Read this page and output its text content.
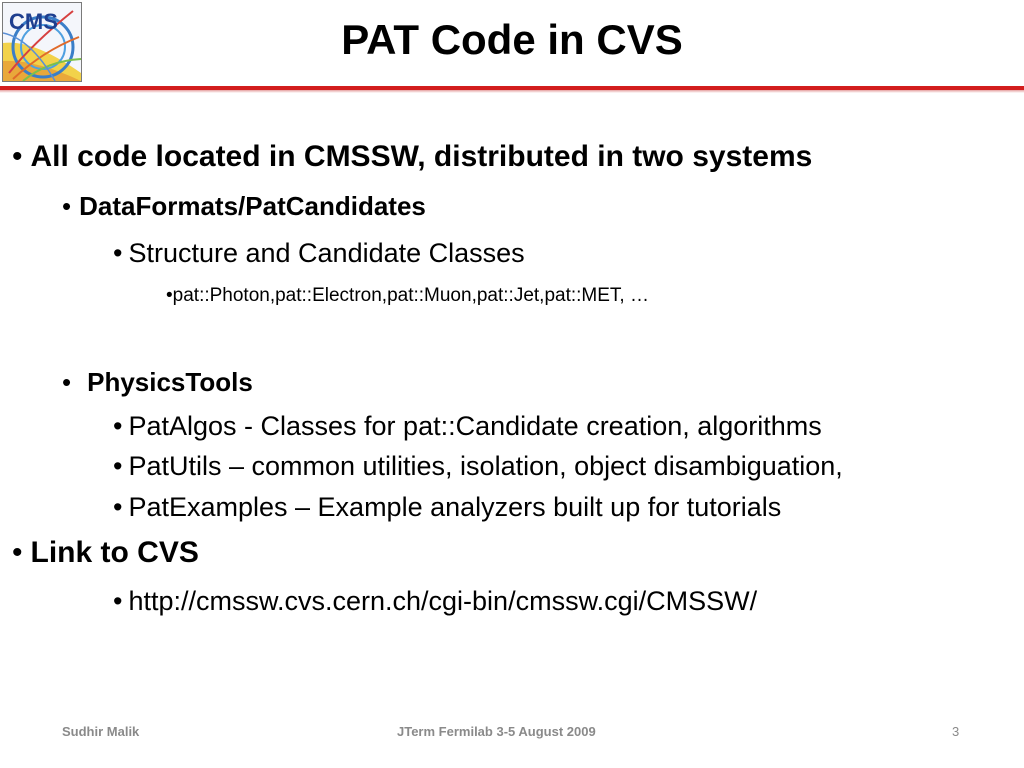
CMS	PAT Code in CVS
• All code located in CMSSW, distributed in two systems
• DataFormats/PatCandidates
• Structure and Candidate Classes
•pat::Photon,pat::Electron,pat::Muon,pat::Jet,pat::MET, …
• PhysicsTools
• PatAlgos - Classes for pat::Candidate creation, algorithms
• PatUtils – common utilities, isolation, object disambiguation,
• PatExamples – Example analyzers built up for tutorials
• Link to CVS
• http://cmssw.cvs.cern.ch/cgi-bin/cmssw.cgi/CMSSW/
Sudhir Malik	JTerm Fermilab 3-5 August 2009	3
